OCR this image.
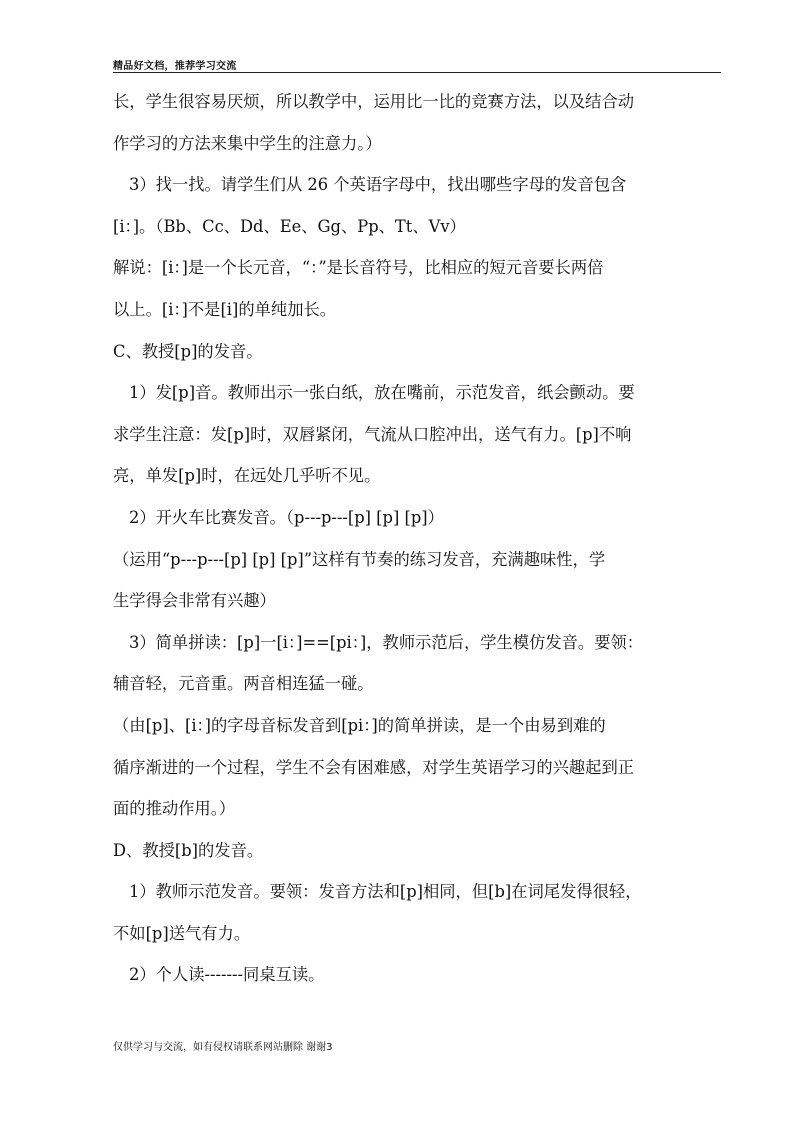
精品好文档，推荐学习交流

长，学生很容易厌烦，所以教学中，运用比一比的竞赛方法，以及结合动

作学习的方法来集中学生的注意力。）

3）找一找。请学生们从 26 个英语字母中，找出哪些字母的发音包含

[i：]。（Bb、Cc、Dd、Ee、Gg、Pp、Tt、Vv）

解说：[i：]是一个长元音，“：”是长音符号，比相应的短元音要长两倍

以上。[i：]不是[i]的单纯加长。

C、教授[p]的发音。

1）发[p]音。教师出示一张白纸，放在嘴前，示范发音，纸会颤动。要

求学生注意：发[p]时，双唇紧闭，气流从口腔冲出，送气有力。[p]不响

亮，单发[p]时，在远处几乎听不见。

2）开火车比赛发音。（p---p---[p] [p] [p]）

（运用“p---p---[p] [p] [p]”这样有节奏的练习发音，充满趣味性，学

生学得会非常有兴趣）

3）简单拼读：[p]一[i：]==[pi：]，教师示范后，学生模仿发音。要领：

辅音轻，元音重。两音相连猛一碰。

（由[p]、[i：]的字母音标发音到[pi：]的简单拼读，是一个由易到难的

循序渐进的一个过程，学生不会有困难感，对学生英语学习的兴趣起到正

面的推动作用。）

D、教授[b]的发音。

1）教师示范发音。要领：发音方法和[p]相同，但[b]在词尾发得很轻，

不如[p]送气有力。

2）个人读-------同桌互读。

仅供学习与交流，如有侵权请联系网站删除 谢谢3
